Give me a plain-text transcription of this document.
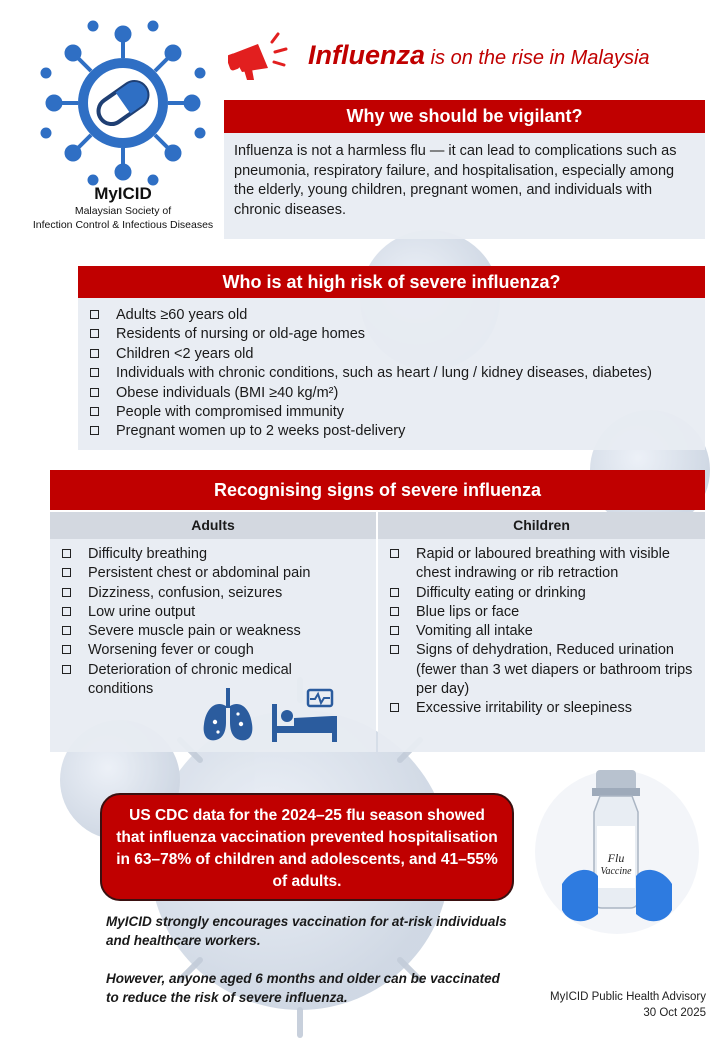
MyICID
Malaysian Society of
Infection Control & Infectious Diseases
Influenza is on the rise in Malaysia
Why we should be vigilant?
Influenza is not a harmless flu — it can lead to complications such as pneumonia, respiratory failure, and hospitalisation, especially among the elderly, young children, pregnant women, and individuals with chronic diseases.
Who is at high risk of severe influenza?
Adults ≥60 years old
Residents of nursing or old-age homes
Children <2 years old
Individuals with chronic conditions, such as heart / lung / kidney diseases, diabetes)
Obese individuals (BMI ≥40 kg/m²)
People with compromised immunity
Pregnant women up to 2 weeks post-delivery
Recognising signs of severe influenza
Adults
Difficulty breathing
Persistent chest or abdominal pain
Dizziness, confusion, seizures
Low urine output
Severe muscle pain or weakness
Worsening fever or cough
Deterioration of chronic medical conditions
Children
Rapid or laboured breathing with visible chest indrawing or rib retraction
Difficulty eating or drinking
Blue lips or face
Vomiting all intake
Signs of dehydration, Reduced urination (fewer than 3 wet diapers or bathroom trips per day)
Excessive irritability or sleepiness
US CDC data for the 2024–25 flu season showed that influenza vaccination prevented hospitalisation in 63–78% of children and adolescents, and 41–55% of adults.
Flu
Vaccine

MyICID strongly encourages vaccination for at-risk individuals and healthcare workers.

However, anyone aged 6 months and older can be vaccinated to reduce the risk of severe influenza.	MyICID Public Health Advisory
30 Oct 2025
